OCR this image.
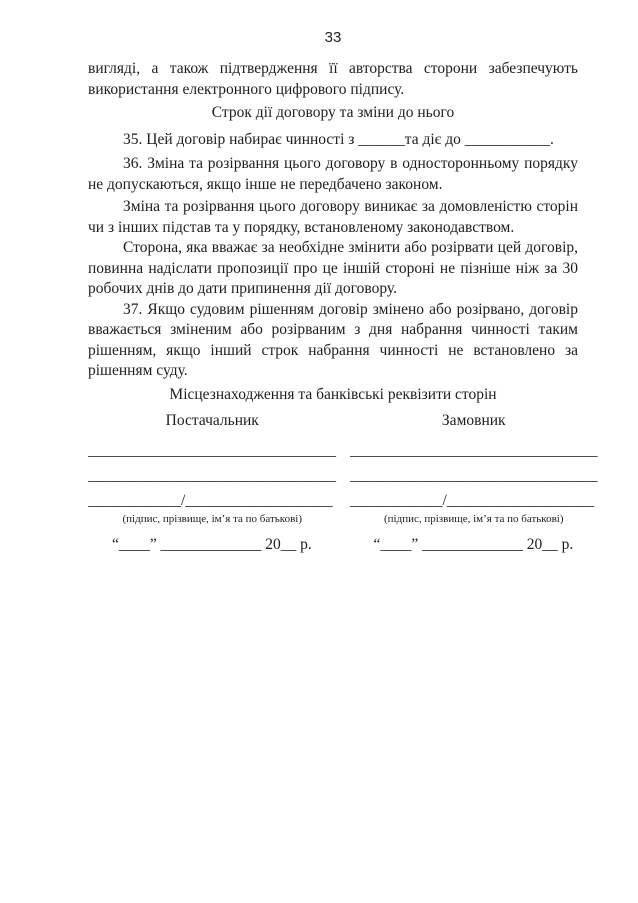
33

вигляді, а також підтвердження її авторства сторони забезпечують використання електронного цифрового підпису.

Строк дії договору та зміни до нього

35. Цей договір набирає чинності з ______та діє до ___________.

36. Зміна та розірвання цього договору в односторонньому порядку не допускаються, якщо інше не передбачено законом.

Зміна та розірвання цього договору виникає за домовленістю сторін чи з інших підстав та у порядку, встановленому законодавством.

Сторона, яка вважає за необхідне змінити або розірвати цей договір, повинна надіслати пропозиції про це іншій стороні не пізніше ніж за 30 робочих днів до дати припинення дії договору.

37. Якщо судовим рішенням договір змінено або розірвано, договір вважається зміненим або розірваним з дня набрання чинності таким рішенням, якщо інший строк набрання чинності не встановлено за рішенням суду.

Місцезнаходження та банківські реквізити сторін
Постачальник
________________________________
________________________________
____________/___________________
(підпис, прізвище, ім’я та по батькові)
“____” _____________ 20__ р.
Замовник
________________________________
________________________________
____________/___________________
(підпис, прізвище, ім’я та по батькові)
“____” _____________ 20__ р.
